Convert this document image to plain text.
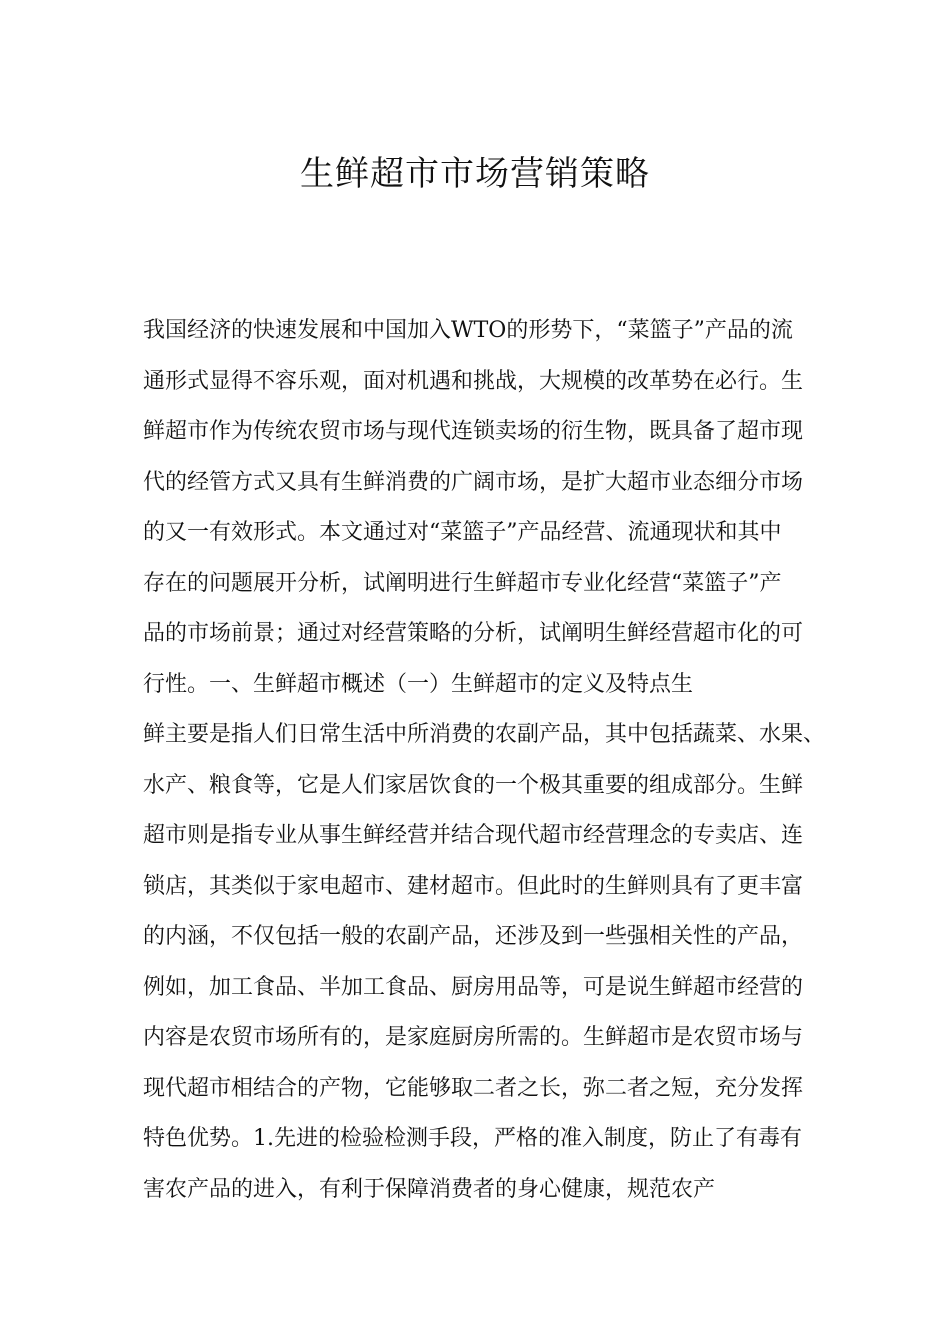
生鲜超市市场营销策略
我国经济的快速发展和中国加入WTO的形势下，“菜篮子”产品的流
通形式显得不容乐观，面对机遇和挑战，大规模的改革势在必行。生
鲜超市作为传统农贸市场与现代连锁卖场的衍生物，既具备了超市现
代的经管方式又具有生鲜消费的广阔市场，是扩大超市业态细分市场
的又一有效形式。本文通过对“菜篮子”产品经营、流通现状和其中
存在的问题展开分析，试阐明进行生鲜超市专业化经营“菜篮子”产
品的市场前景；通过对经营策略的分析，试阐明生鲜经营超市化的可
行性。一、生鲜超市概述（一）生鲜超市的定义及特点生
鲜主要是指人们日常生活中所消费的农副产品，其中包括蔬菜、水果、
水产、粮食等，它是人们家居饮食的一个极其重要的组成部分。生鲜
超市则是指专业从事生鲜经营并结合现代超市经营理念的专卖店、连
锁店，其类似于家电超市、建材超市。但此时的生鲜则具有了更丰富
的内涵，不仅包括一般的农副产品，还涉及到一些强相关性的产品，
例如，加工食品、半加工食品、厨房用品等，可是说生鲜超市经营的
内容是农贸市场所有的，是家庭厨房所需的。生鲜超市是农贸市场与
现代超市相结合的产物，它能够取二者之长，弥二者之短，充分发挥
特色优势。1.先进的检验检测手段，严格的准入制度，防止了有毒有
害农产品的进入，有利于保障消费者的身心健康，规范农产
